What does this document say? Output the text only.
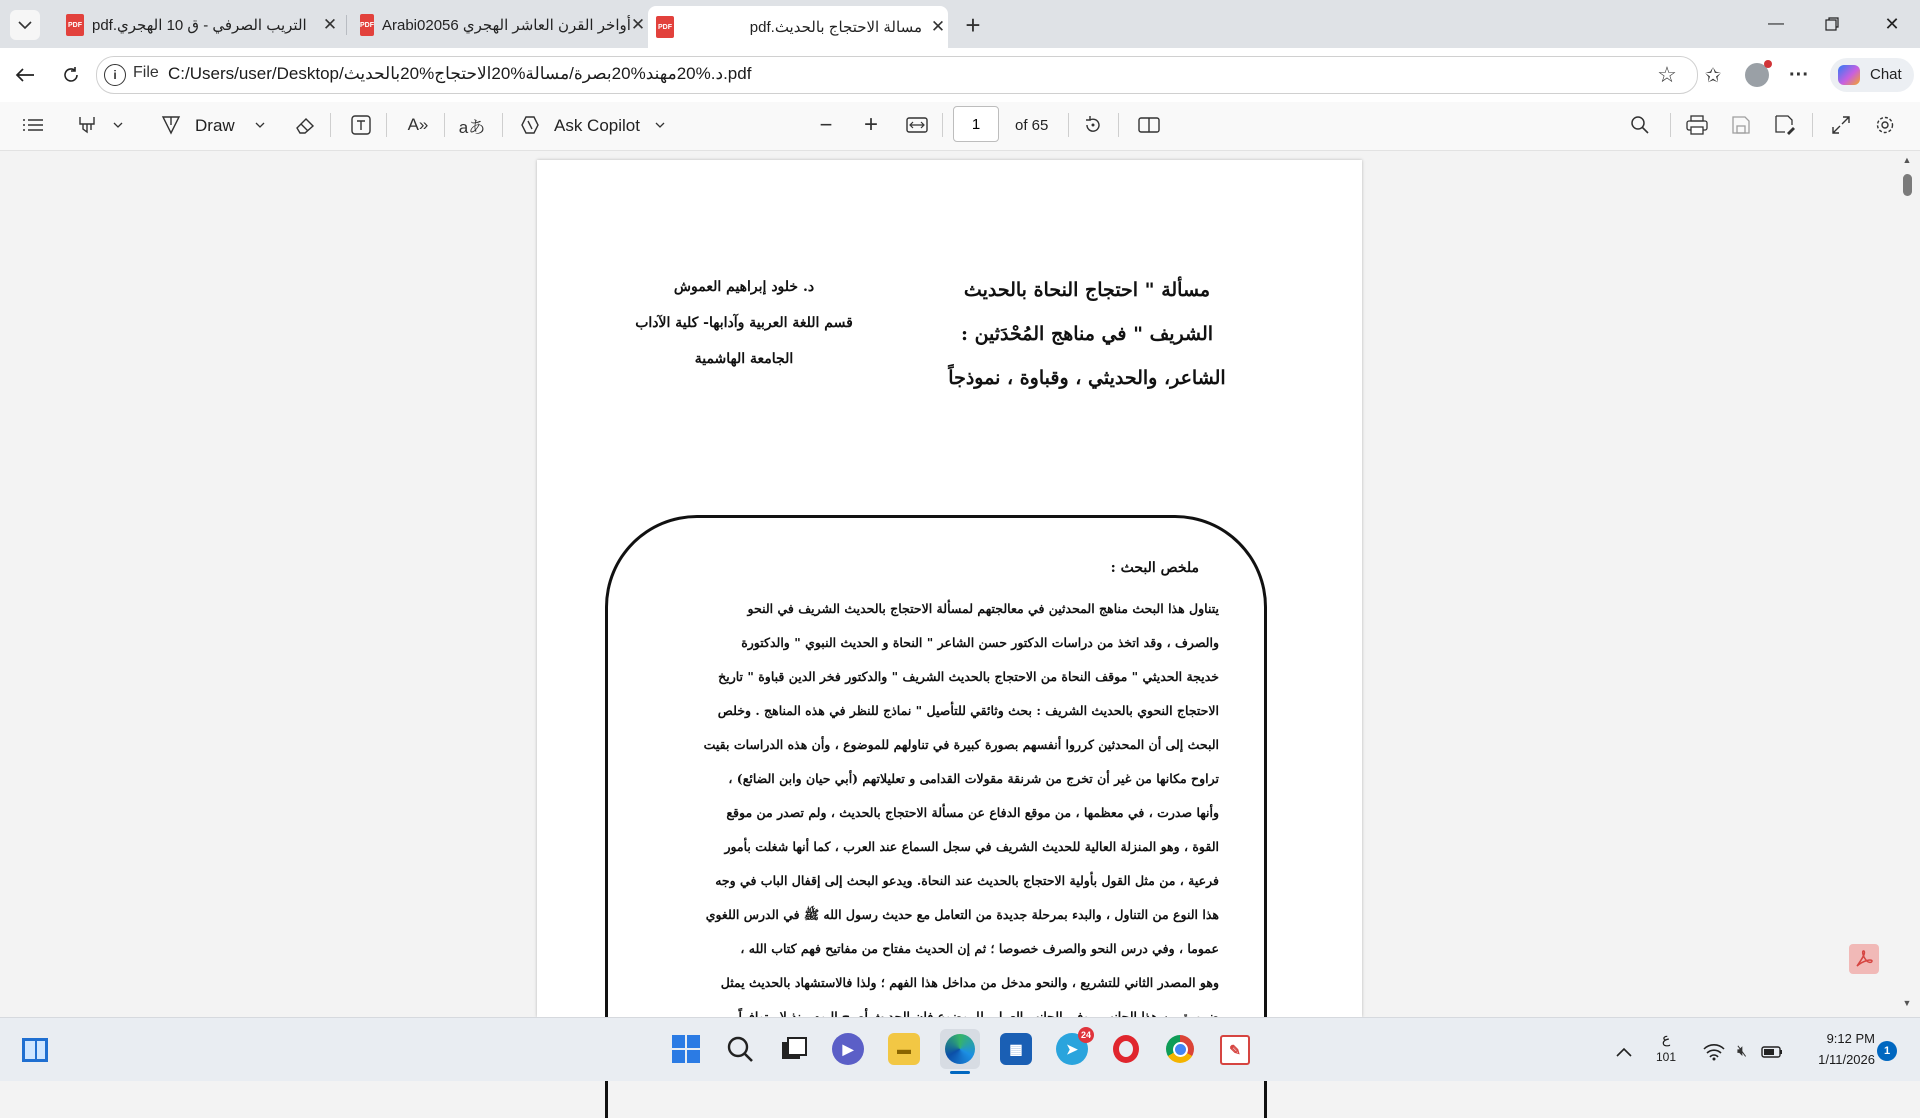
PDF pdf.التريب الصرفي - ق 10 الهجري ✕	PDF Arabi02056 أواخر القرن العاشر الهجري ✕ PDF	pdf.مسالة الاحتجاج بالحديث ✕ +	—	✕
i	File C:/Users/user/Desktop/د.%20مهند%20بصرة/مسالة%20الاحتجاج%20بالحديث.pdf	☆ ✩	···	Chat
Draw	A» aあ	Ask Copilot	− +
1	of 65
مسألة " احتجاج النحاة بالحديث
الشريف " في مناهج المُحْدَثين :
الشاعر، والحديثي ، وقباوة ، نموذجاً
د. خلود إبراهيم العموش
قسم اللغة العربية وآدابها- كلية الآداب
الجامعة الهاشمية
ملخص البحث :
يتناول هذا البحث مناهج المحدثين في معالجتهم لمسألة الاحتجاج بالحديث الشريف في النحو
والصرف ، وقد اتخذ من دراسات الدكتور حسن الشاعر " النحاة و الحديث النبوي " والدكتورة
خديجة الحديثي " موقف النحاة من الاحتجاج بالحديث الشريف " والدكتور فخر الدين قباوة " تاريخ
الاحتجاج النحوي بالحديث الشريف : بحث وثائقي للتأصيل " نماذج للنظر في هذه المناهج . وخلص
البحث إلى أن المحدثين كرروا أنفسهم بصورة كبيرة في تناولهم للموضوع ، وأن هذه الدراسات بقيت
تراوح مكانها من غير أن تخرج من شرنقة مقولات القدامى و تعليلاتهم (أبي حيان وابن الضائع) ،
وأنها صدرت ، في معظمها ، من موقع الدفاع عن مسألة الاحتجاج بالحديث ، ولم تصدر من موقع
القوة ، وهو المنزلة العالية للحديث الشريف في سجل السماع عند العرب ، كما أنها شغلت بأمور
فرعية ، من مثل القول بأولية الاحتجاج بالحديث عند النحاة. ويدعو البحث إلى إقفال الباب في وجه
هذا النوع من التناول ، والبدء بمرحلة جديدة من التعامل مع حديث رسول الله ﷺ في الدرس اللغوي
عموما ، وفي درس النحو والصرف خصوصا ؛ ثم إن الحديث مفتاح من مفاتيح فهم كتاب الله ،
وهو المصدر الثاني للتشريع ، والنحو مدخل من مداخل هذا الفهم ؛ ولذا فالاستشهاد بالحديث يمثل
▲
▼
▶	▬	▦	➤
24
✎
ع
101	🔇︎
9:12 PM
1/11/2026
1
